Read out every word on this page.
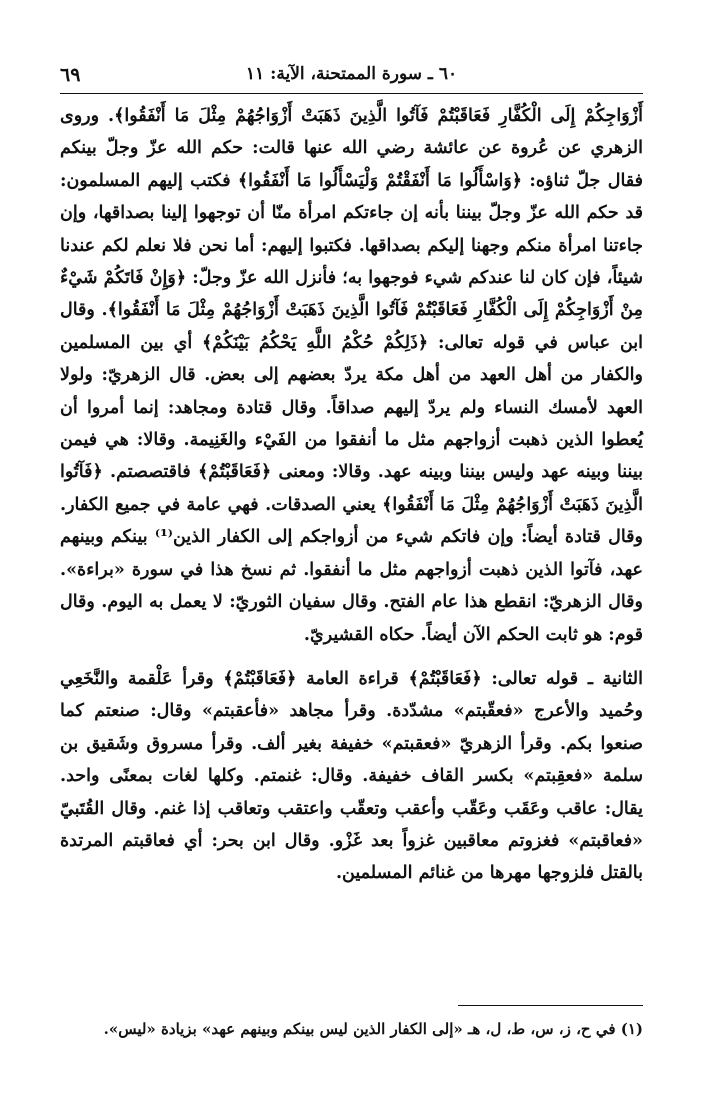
٦٠ ـ سورة الممتحنة، الآية: ١١
٦٩

أَزْوَاجِكُمْ إِلَى الْكُفَّارِ فَعَاقَبْتُمْ فَآتُوا الَّذِينَ ذَهَبَتْ أَزْوَاجُهُمْ مِثْلَ مَا أَنْفَقُوا﴾. وروى الزهري عن عُروة عن عائشة رضي الله عنها قالت: حكم الله عزّ وجلّ بينكم فقال جلّ ثناؤه: ﴿وَاسْأَلُوا مَا أَنْفَقْتُمْ وَلْيَسْأَلُوا مَا أَنْفَقُوا﴾ فكتب إليهم المسلمون: قد حكم الله عزّ وجلّ بيننا بأنه إن جاءتكم امرأة منّا أن توجهوا إلينا بصداقها، وإن جاءتنا امرأة منكم وجهنا إليكم بصداقها. فكتبوا إليهم: أما نحن فلا نعلم لكم عندنا شيئاً، فإن كان لنا عندكم شيء فوجهوا به؛ فأنزل الله عزّ وجلّ: ﴿وَإِنْ فَاتَكُمْ شَيْءٌ مِنْ أَزْوَاجِكُمْ إِلَى الْكُفَّارِ فَعَاقَبْتُمْ فَآتُوا الَّذِينَ ذَهَبَتْ أَزْوَاجُهُمْ مِثْلَ مَا أَنْفَقُوا﴾. وقال ابن عباس في قوله تعالى: ﴿ذَلِكُمْ حُكْمُ اللَّهِ يَحْكُمُ بَيْنَكُمْ﴾ أي بين المسلمين والكفار من أهل العهد من أهل مكة يردّ بعضهم إلى بعض. قال الزهريّ: ولولا العهد لأمسك النساء ولم يردّ إليهم صداقاً. وقال قتادة ومجاهد: إنما أمروا أن يُعطوا الذين ذهبت أزواجهم مثل ما أنفقوا من الفَيْء والغَنِيمة. وقالا: هي فيمن بيننا وبينه عهد وليس بيننا وبينه عهد. وقالا: ومعنى ﴿فَعَاقَبْتُمْ﴾ فاقتصصتم. ﴿فَآتُوا الَّذِينَ ذَهَبَتْ أَزْوَاجُهُمْ مِثْلَ مَا أَنْفَقُوا﴾ يعني الصدقات. فهي عامة في جميع الكفار. وقال قتادة أيضاً: وإن فاتكم شيء من أزواجكم إلى الكفار الذين⁽¹⁾ بينكم وبينهم عهد، فآتوا الذين ذهبت أزواجهم مثل ما أنفقوا. ثم نسخ هذا في سورة «براءة». وقال الزهريّ: انقطع هذا عام الفتح. وقال سفيان الثوريّ: لا يعمل به اليوم. وقال قوم: هو ثابت الحكم الآن أيضاً. حكاه القشيريّ.

الثانية ـ قوله تعالى: ﴿فَعَاقَبْتُمْ﴾ قراءة العامة ﴿فَعَاقَبْتُمْ﴾ وقرأ عَلْقمة والنَّخَعِي وحُميد والأعرج «فعقّبتم» مشدّدة. وقرأ مجاهد «فأعقبتم» وقال: صنعتم كما صنعوا بكم. وقرأ الزهريّ «فعقبتم» خفيفة بغير ألف. وقرأ مسروق وشَقيق بن سلمة «فعقِبتم» بكسر القاف خفيفة. وقال: غنمتم. وكلها لغات بمعنًى واحد. يقال: عاقب وعَقَب وعَقّب وأعقب وتعقّب واعتقب وتعاقب إذا غنم. وقال القُتَبيّ «فعاقبتم» فغزوتم معاقبين غزواً بعد غَزْو. وقال ابن بحر: أي فعاقبتم المرتدة بالقتل فلزوجها مهرها من غنائم المسلمين.

(١) في ح، ز، س، ط، ل، هـ «إلى الكفار الذين ليس بينكم وبينهم عهد» بزيادة «ليس».
